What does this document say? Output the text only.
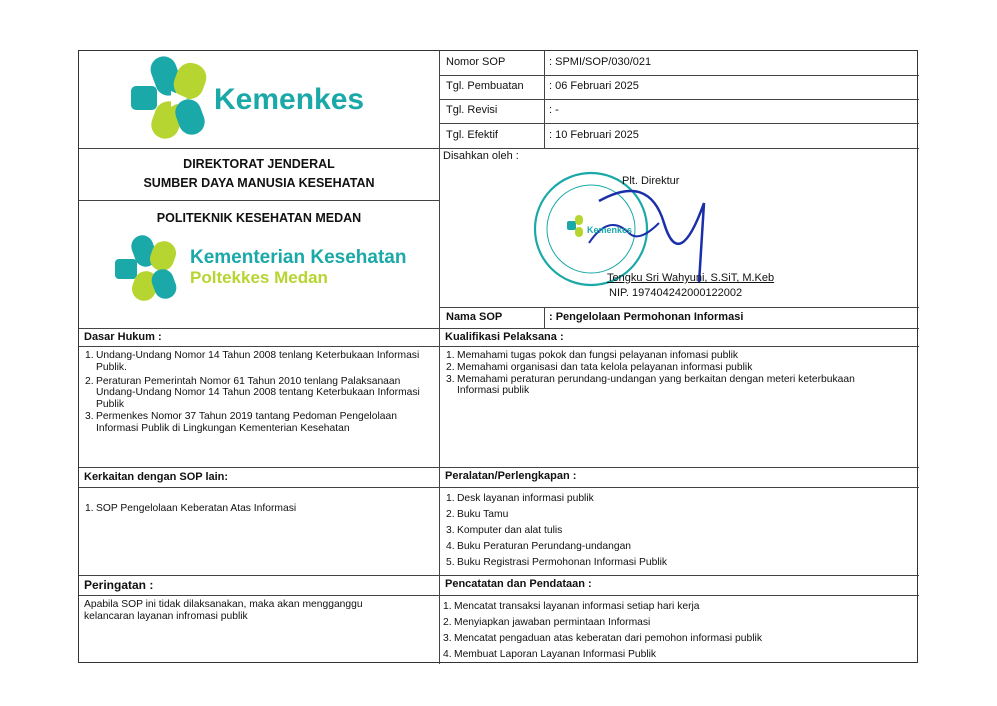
Kemenkes
Nomor SOP	: SPMI/SOP/030/021
Tgl. Pembuatan : 06 Februari 2025
Tgl. Revisi	: -
Tgl. Efektif	: 10 Februari 2025
DIREKTORAT JENDERAL
SUMBER DAYA MANUSIA KESEHATAN
POLITEKNIK KESEHATAN MEDAN
Kementerian Kesehatan
Poltekkes Medan
Disahkan oleh :
Kemenkes
Plt. Direktur
Tengku Sri Wahyuni, S.SiT, M.Keb
NIP. 197404242000122002
Nama SOP	: Pengelolaan Permohonan Informasi
Dasar Hukum :
1. Undang-Undang Nomor 14 Tahun 2008 tenlang Keterbukaan Informasi Publik.
2. Peraturan Pemerintah Nomor 61 Tahun 2010 tenlang Palaksanaan Undang-Undang Nomor 14 Tahun 2008 tentang Keterbukaan Informasi Publik
3. Permenkes Nomor 37 Tahun 2019 tantang Pedoman Pengelolaan Informasi Publik di Lingkungan Kementerian Kesehatan
Kualifikasi Pelaksana :
1. Memahami tugas pokok dan fungsi pelayanan infomasi publik
2. Memahami organisasi dan tata kelola pelayanan informasi publik
3. Memahami peraturan perundang-undangan yang berkaitan dengan meteri keterbukaan Informasi publik
Kerkaitan dengan SOP lain:
1. SOP Pengelolaan Keberatan Atas Informasi
Peralatan/Perlengkapan :
1. Desk layanan informasi publik
2. Buku Tamu
3. Komputer dan alat tulis
4. Buku Peraturan Perundang-undangan
5. Buku Registrasi Permohonan Informasi Publik
Peringatan :
Apabila SOP ini tidak dilaksanakan, maka akan mengganggu kelancaran layanan infromasi publik
Pencatatan dan Pendataan :
1. Mencatat transaksi layanan informasi setiap hari kerja
2. Menyiapkan jawaban permintaan Informasi
3. Mencatat pengaduan atas keberatan dari pemohon informasi publik
4. Membuat Laporan Layanan Informasi Publik
